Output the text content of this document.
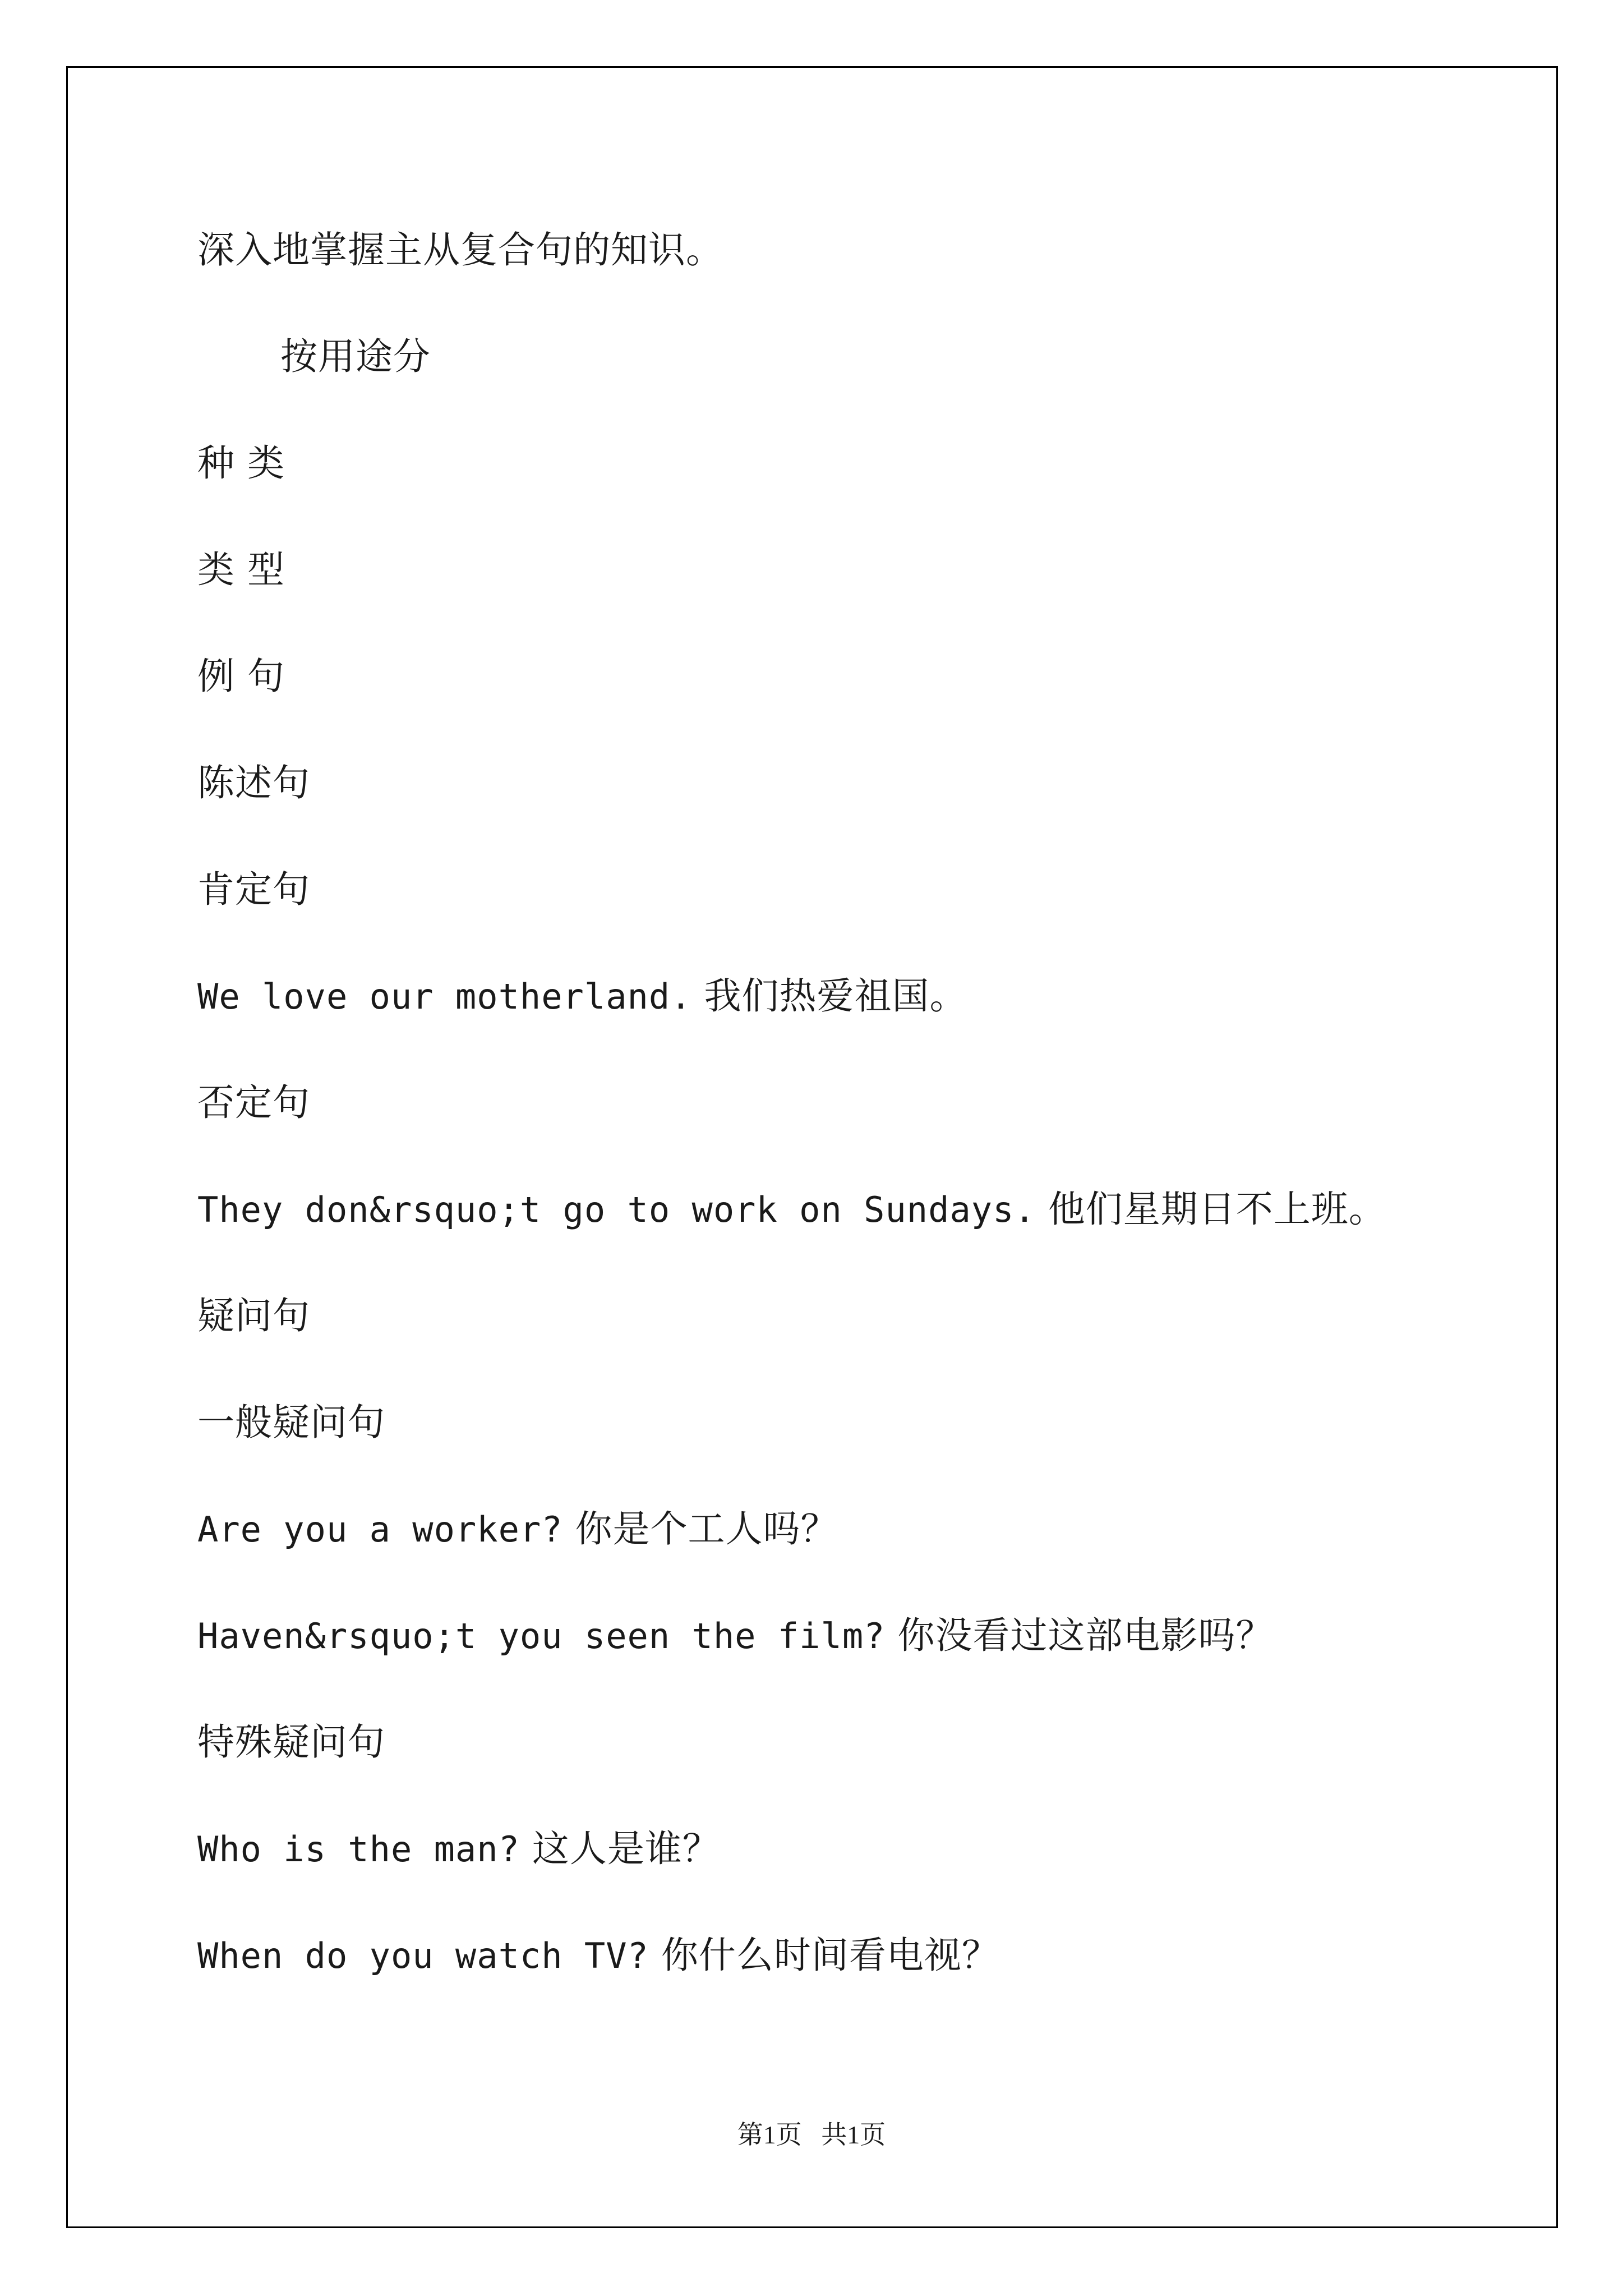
深入地掌握主从复合句的知识。

按用途分

种 类

类 型

例 句

陈述句

肯定句

We love our motherland. 我们热爱祖国。

否定句

They don&rsquo;t go to work on Sundays. 他们星期日不上班。

疑问句

一般疑问句

Are you a worker? 你是个工人吗？

Haven&rsquo;t you seen the film? 你没看过这部电影吗？

特殊疑问句

Who is the man? 这人是谁？

When do you watch TV? 你什么时间看电视？

第1页 共1页
